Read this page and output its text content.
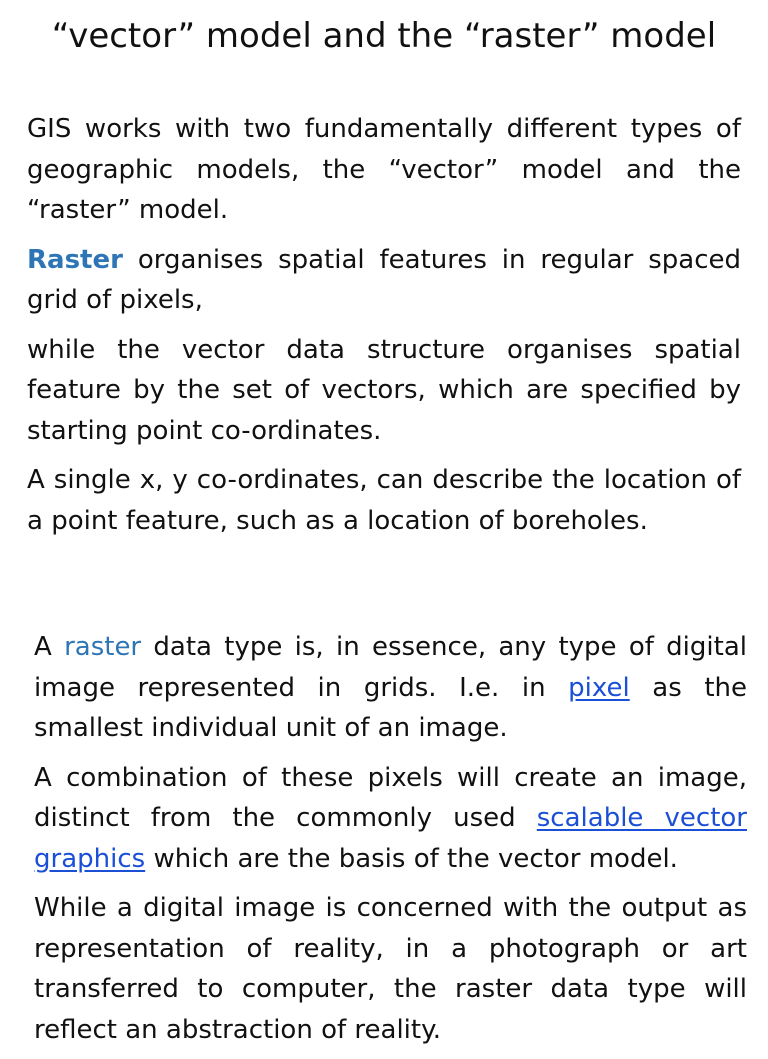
“vector” model and the “raster” model

GIS works with two fundamentally different types of geographic models, the “vector” model and the “raster” model.

Raster organises spatial features in regular spaced grid of pixels,

while the vector data structure organises spatial feature by the set of vectors, which are specified by starting point co-ordinates.

A single x, y co-ordinates, can describe the location of a point feature, such as a location of boreholes.

A raster data type is, in essence, any type of digital image represented in grids. I.e. in pixel as the smallest individual unit of an image.

A combination of these pixels will create an image, distinct from the commonly used scalable vector graphics which are the basis of the vector model.

While a digital image is concerned with the output as representation of reality, in a photograph or art transferred to computer, the raster data type will reflect an abstraction of reality.
